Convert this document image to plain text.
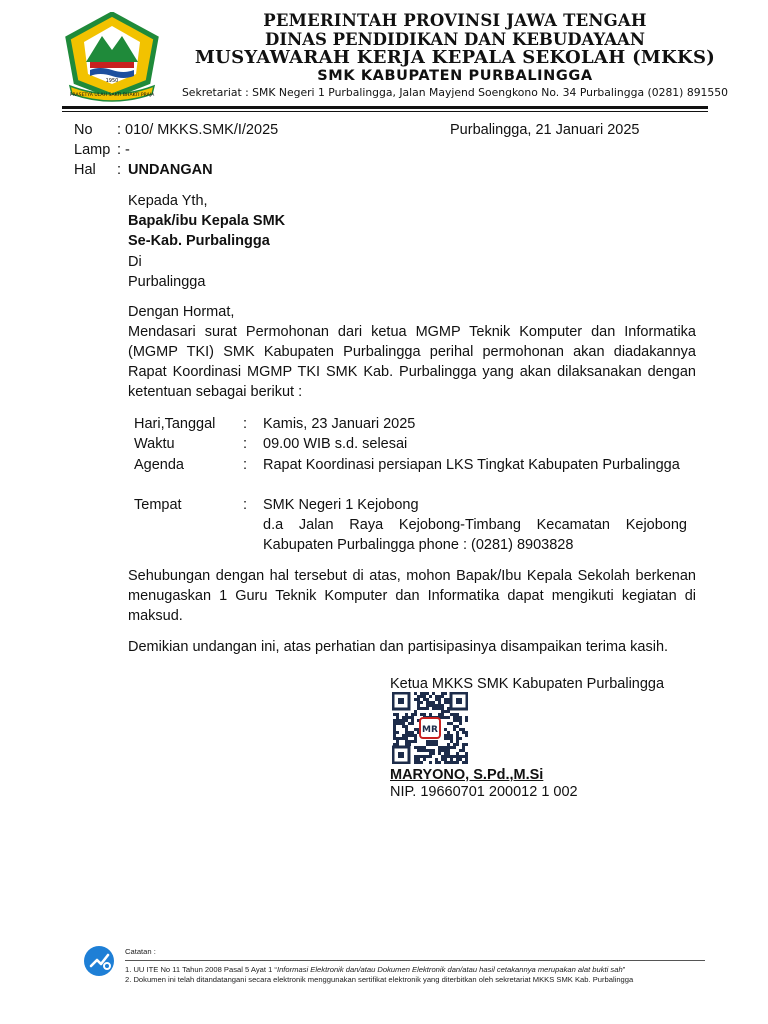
PRASETYA ULAH SAKTI BHAKTI PRAJA
1950
PEMERINTAH PROVINSI JAWA TENGAH
DINAS PENDIDIKAN DAN KEBUDAYAAN
MUSYAWARAH KERJA KEPALA SEKOLAH (MKKS)
SMK KABUPATEN PURBALINGGA
Sekretariat : SMK Negeri 1 Purbalingga, Jalan Mayjend Soengkono No. 34 Purbalingga (0281) 891550
No : 010/ MKKS.SMK/I/2025	Purbalingga, 21 Januari 2025
Lamp : -
Hal : UNDANGAN
Kepada Yth,
Bapak/ibu Kepala SMK
Se-Kab. Purbalingga
Di
Purbalingga
Dengan Hormat,
Mendasari surat Permohonan dari ketua MGMP Teknik Komputer dan Informatika (MGMP TKI) SMK Kabupaten Purbalingga perihal permohonan akan diadakannya Rapat Koordinasi MGMP TKI SMK Kab. Purbalingga yang akan dilaksanakan dengan ketentuan sebagai berikut :
Hari,Tanggal : Kamis, 23 Januari 2025
Waktu	: 09.00 WIB s.d. selesai
Agenda	: Rapat Koordinasi persiapan LKS Tingkat Kabupaten Purbalingga
Tempat	: SMK Negeri 1 Kejobong
d.a Jalan Raya Kejobong-Timbang Kecamatan Kejobong Kabupaten Purbalingga phone : (0281) 8903828
Sehubungan dengan hal tersebut di atas, mohon Bapak/Ibu Kepala Sekolah berkenan menugaskan 1 Guru Teknik Komputer dan Informatika dapat mengikuti kegiatan di maksud.
Demikian undangan ini, atas perhatian dan partisipasinya disampaikan terima kasih.
Ketua MKKS SMK Kabupaten Purbalingga
MR
MARYONO, S.Pd.,M.Si
NIP. 19660701 200012 1 002
Catatan :
1. UU ITE No 11 Tahun 2008 Pasal 5 Ayat 1 “Informasi Elektronik dan/atau Dokumen Elektronik dan/atau hasil cetakannya merupakan alat bukti sah”
2. Dokumen ini telah ditandatangani secara elektronik menggunakan sertifikat elektronik yang diterbitkan oleh sekretariat MKKS SMK Kab. Purbalingga
